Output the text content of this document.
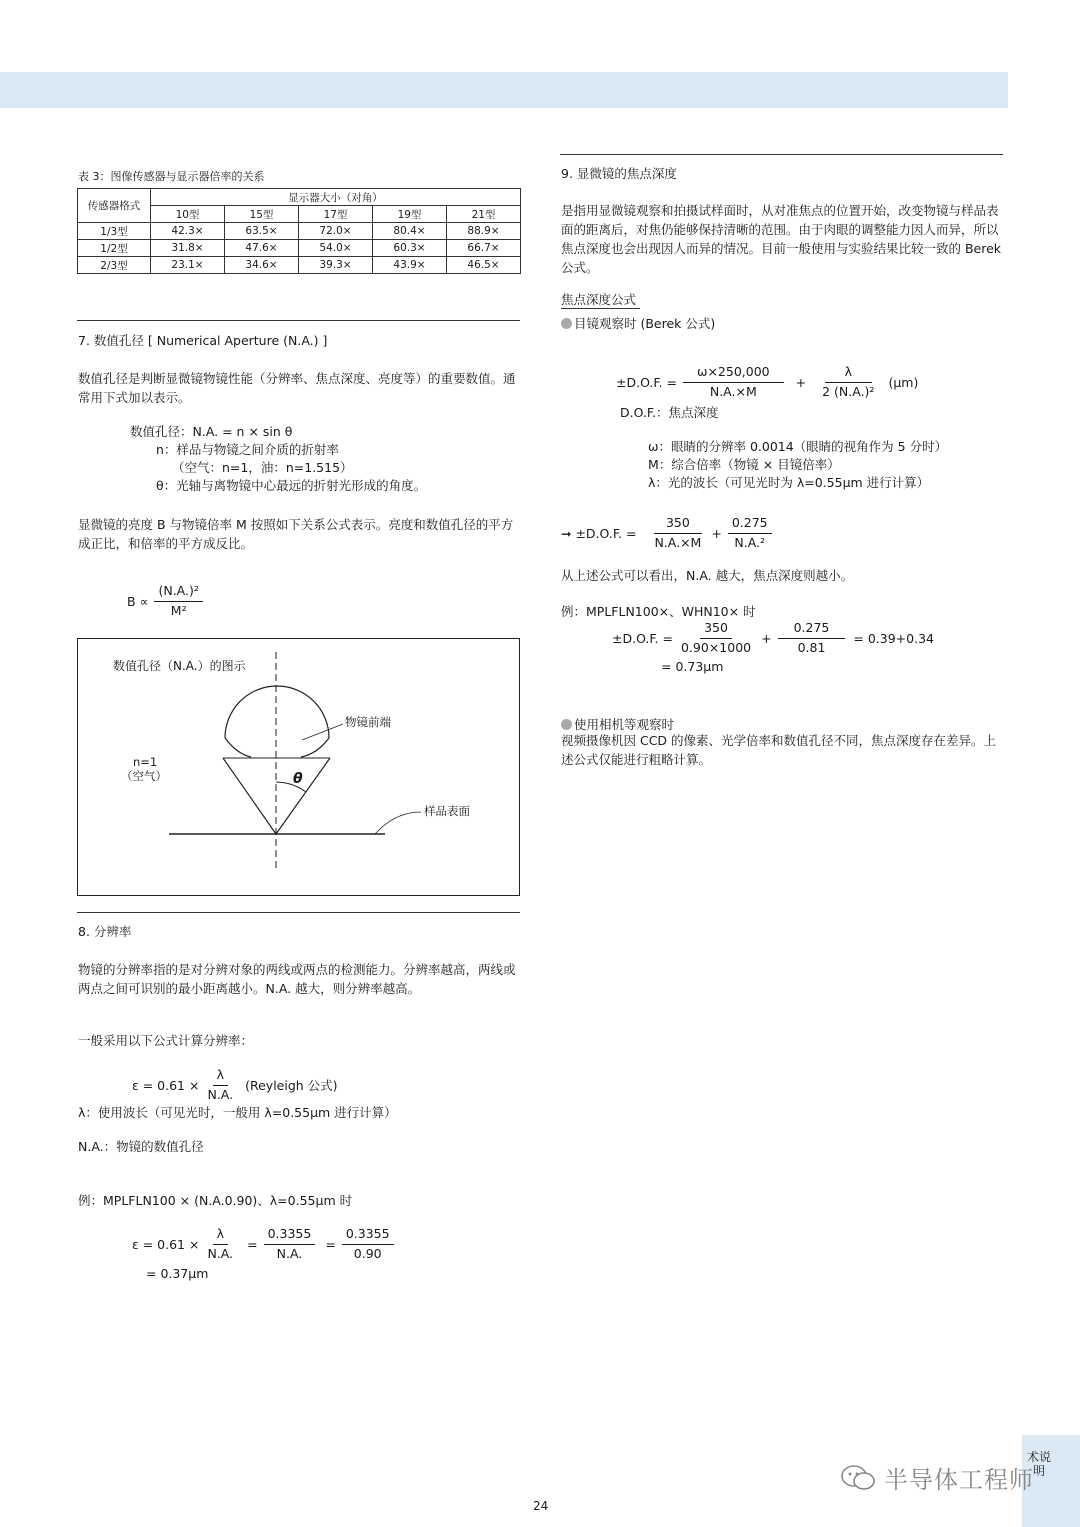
表 3：图像传感器与显示器倍率的关系
传感器格式	显示器大小（对角）				
	10型	15型	17型	19型	21型
1/3型	42.3×	63.5×	72.0×	80.4×	88.9×
1/2型	31.8×	47.6×	54.0×	60.3×	66.7×
2/3型	23.1×	34.6×	39.3×	43.9×	46.5×
7. 数值孔径 [ Numerical Aperture (N.A.) ]
数值孔径是判断显微镜物镜性能（分辨率、焦点深度、亮度等）的重要数值。通常用下式加以表示。
数值孔径：N.A. = n × sin θ
n：样品与物镜之间介质的折射率
（空气：n=1，油：n=1.515）
θ：光轴与离物镜中心最远的折射光形成的角度。
显微镜的亮度 B 与物镜倍率 M 按照如下关系公式表示。亮度和数值孔径的平方成正比，和倍率的平方成反比。
$B \propto \frac{\text{(N.A.)²}}{\text{M²}}$
数值孔径（N.A.）的图示
物镜前端
n=1
（空气）	θ
样品表面
8. 分辨率
物镜的分辨率指的是对分辨对象的两线或两点的检测能力。分辨率越高，两线或两点之间可识别的最小距离越小。N.A. 越大，则分辨率越高。
一般采用以下公式计算分辨率：
$\varepsilon = 0.61 \times \frac{\lambda}{N.A.}$ (Reyleigh 公式)
λ：使用波长（可见光时，一般用 λ=0.55μm 进行计算）
N.A.：物镜的数值孔径
例：MPLFLN100 × (N.A.0.90)、λ=0.55μm 时
$\varepsilon = 0.61 \times \frac{\lambda}{N.A.} = \frac{0.3355}{N.A.} = \frac{0.3355}{0.90}$
= 0.37μm
9. 显微镜的焦点深度
是指用显微镜观察和拍摄试样面时，从对准焦点的位置开始，改变物镜与样品表面的距离后，对焦仍能够保持清晰的范围。由于肉眼的调整能力因人而异，所以焦点深度也会出现因人而异的情况。目前一般使用与实验结果比较一致的 Berek 公式。
焦点深度公式
目镜观察时 (Berek 公式)
±D.O.F. = $\frac{\omega\times 250,000}{N.A.\times M} + \frac{\lambda}{\text{2 (N.A.)²}} (\mu m)$
D.O.F.：焦点深度
ω：眼睛的分辨率 0.0014（眼睛的视角作为 5 分时）
M：综合倍率（物镜 × 目镜倍率）
λ：光的波长（可见光时为 λ=0.55μm 进行计算）
➞ ±D.O.F. = $\frac{350}{N.A.\times M} + \frac{0.275}{\text{N.A.²}}$
从上述公式可以看出，N.A. 越大，焦点深度则越小。
例：MPLFLN100×、WHN10× 时
±D.O.F. = $\frac{350}{0.90\times 1000} + \frac{0.275}{0.81} = 0.39+0.34$
= 0.73μm
使用相机等观察时
视频摄像机因 CCD 的像素、光学倍率和数值孔径不同，焦点深度存在差异。上述公式仅能进行粗略计算。
术说明
半导体工程师
24
